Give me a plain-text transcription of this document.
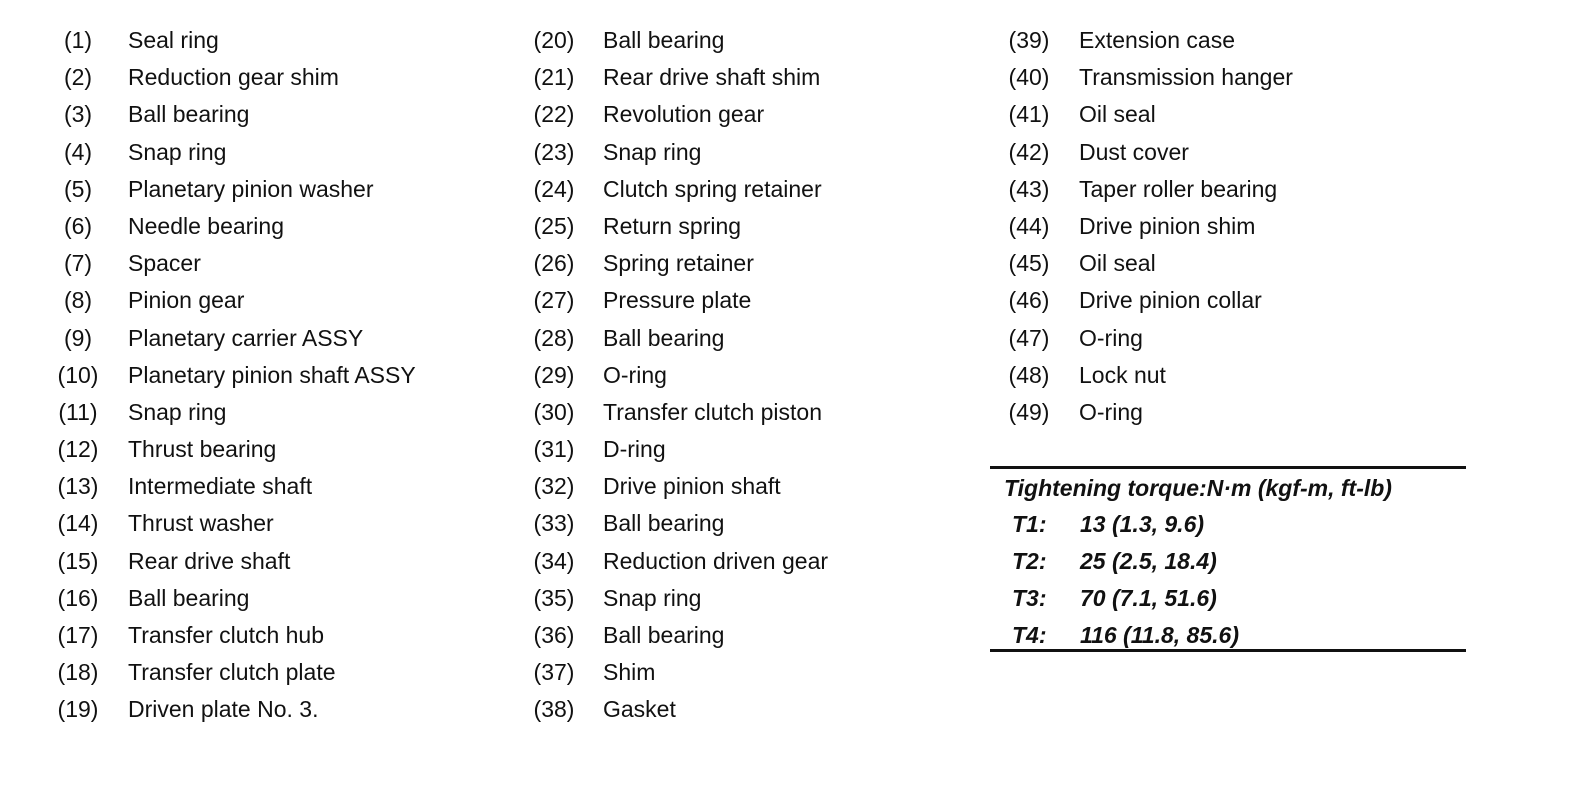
(1)	Seal ring
(2)	Reduction gear shim
(3)	Ball bearing
(4)	Snap ring
(5)	Planetary pinion washer
(6)	Needle bearing
(7)	Spacer
(8)	Pinion gear
(9)	Planetary carrier ASSY
(10)	Planetary pinion shaft ASSY
(11)	Snap ring
(12)	Thrust bearing
(13)	Intermediate shaft
(14)	Thrust washer
(15)	Rear drive shaft
(16)	Ball bearing
(17)	Transfer clutch hub
(18)	Transfer clutch plate
(19)	Driven plate No. 3.
(20)	Ball bearing
(21)	Rear drive shaft shim
(22)	Revolution gear
(23)	Snap ring
(24)	Clutch spring retainer
(25)	Return spring
(26)	Spring retainer
(27)	Pressure plate
(28)	Ball bearing
(29)	O-ring
(30)	Transfer clutch piston
(31)	D-ring
(32)	Drive pinion shaft
(33)	Ball bearing
(34)	Reduction driven gear
(35)	Snap ring
(36)	Ball bearing
(37)	Shim
(38)	Gasket
(39)	Extension case
(40)	Transmission hanger
(41)	Oil seal
(42)	Dust cover
(43)	Taper roller bearing
(44)	Drive pinion shim
(45)	Oil seal
(46)	Drive pinion collar
(47)	O-ring
(48)	Lock nut
(49)	O-ring
Tightening torque:N·m (kgf-m, ft-lb)
T1: 13 (1.3, 9.6)
T2: 25 (2.5, 18.4)
T3: 70 (7.1, 51.6)
T4: 116 (11.8, 85.6)
